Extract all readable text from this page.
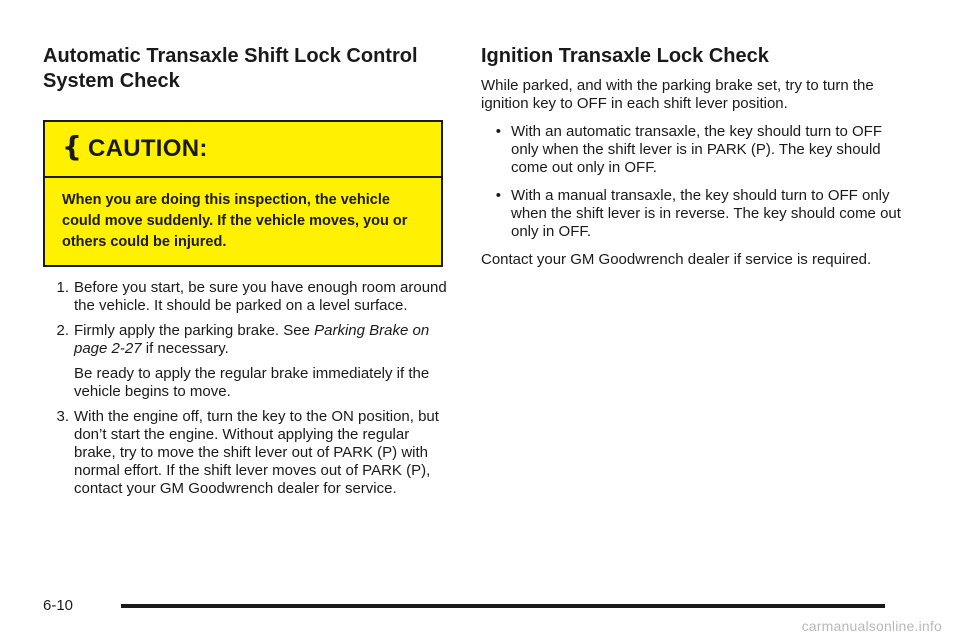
Automatic Transaxle Shift Lock Control System Check
{ CAUTION:
When you are doing this inspection, the vehicle could move suddenly. If the vehicle moves, you or others could be injured.
1. Before you start, be sure you have enough room around the vehicle. It should be parked on a level surface.
2. Firmly apply the parking brake. See Parking Brake on page 2-27 if necessary.

Be ready to apply the regular brake immediately if the vehicle begins to move.

3. With the engine off, turn the key to the ON position, but don’t start the engine. Without applying the regular brake, try to move the shift lever out of PARK (P) with normal effort. If the shift lever moves out of PARK (P), contact your GM Goodwrench dealer for service.
Ignition Transaxle Lock Check

While parked, and with the parking brake set, try to turn the ignition key to OFF in each shift lever position.

• With an automatic transaxle, the key should turn to OFF only when the shift lever is in PARK (P). The key should come out only in OFF.
• With a manual transaxle, the key should turn to OFF only when the shift lever is in reverse. The key should come out only in OFF.

Contact your GM Goodwrench dealer if service is required.

6-10
carmanualsonline.info
